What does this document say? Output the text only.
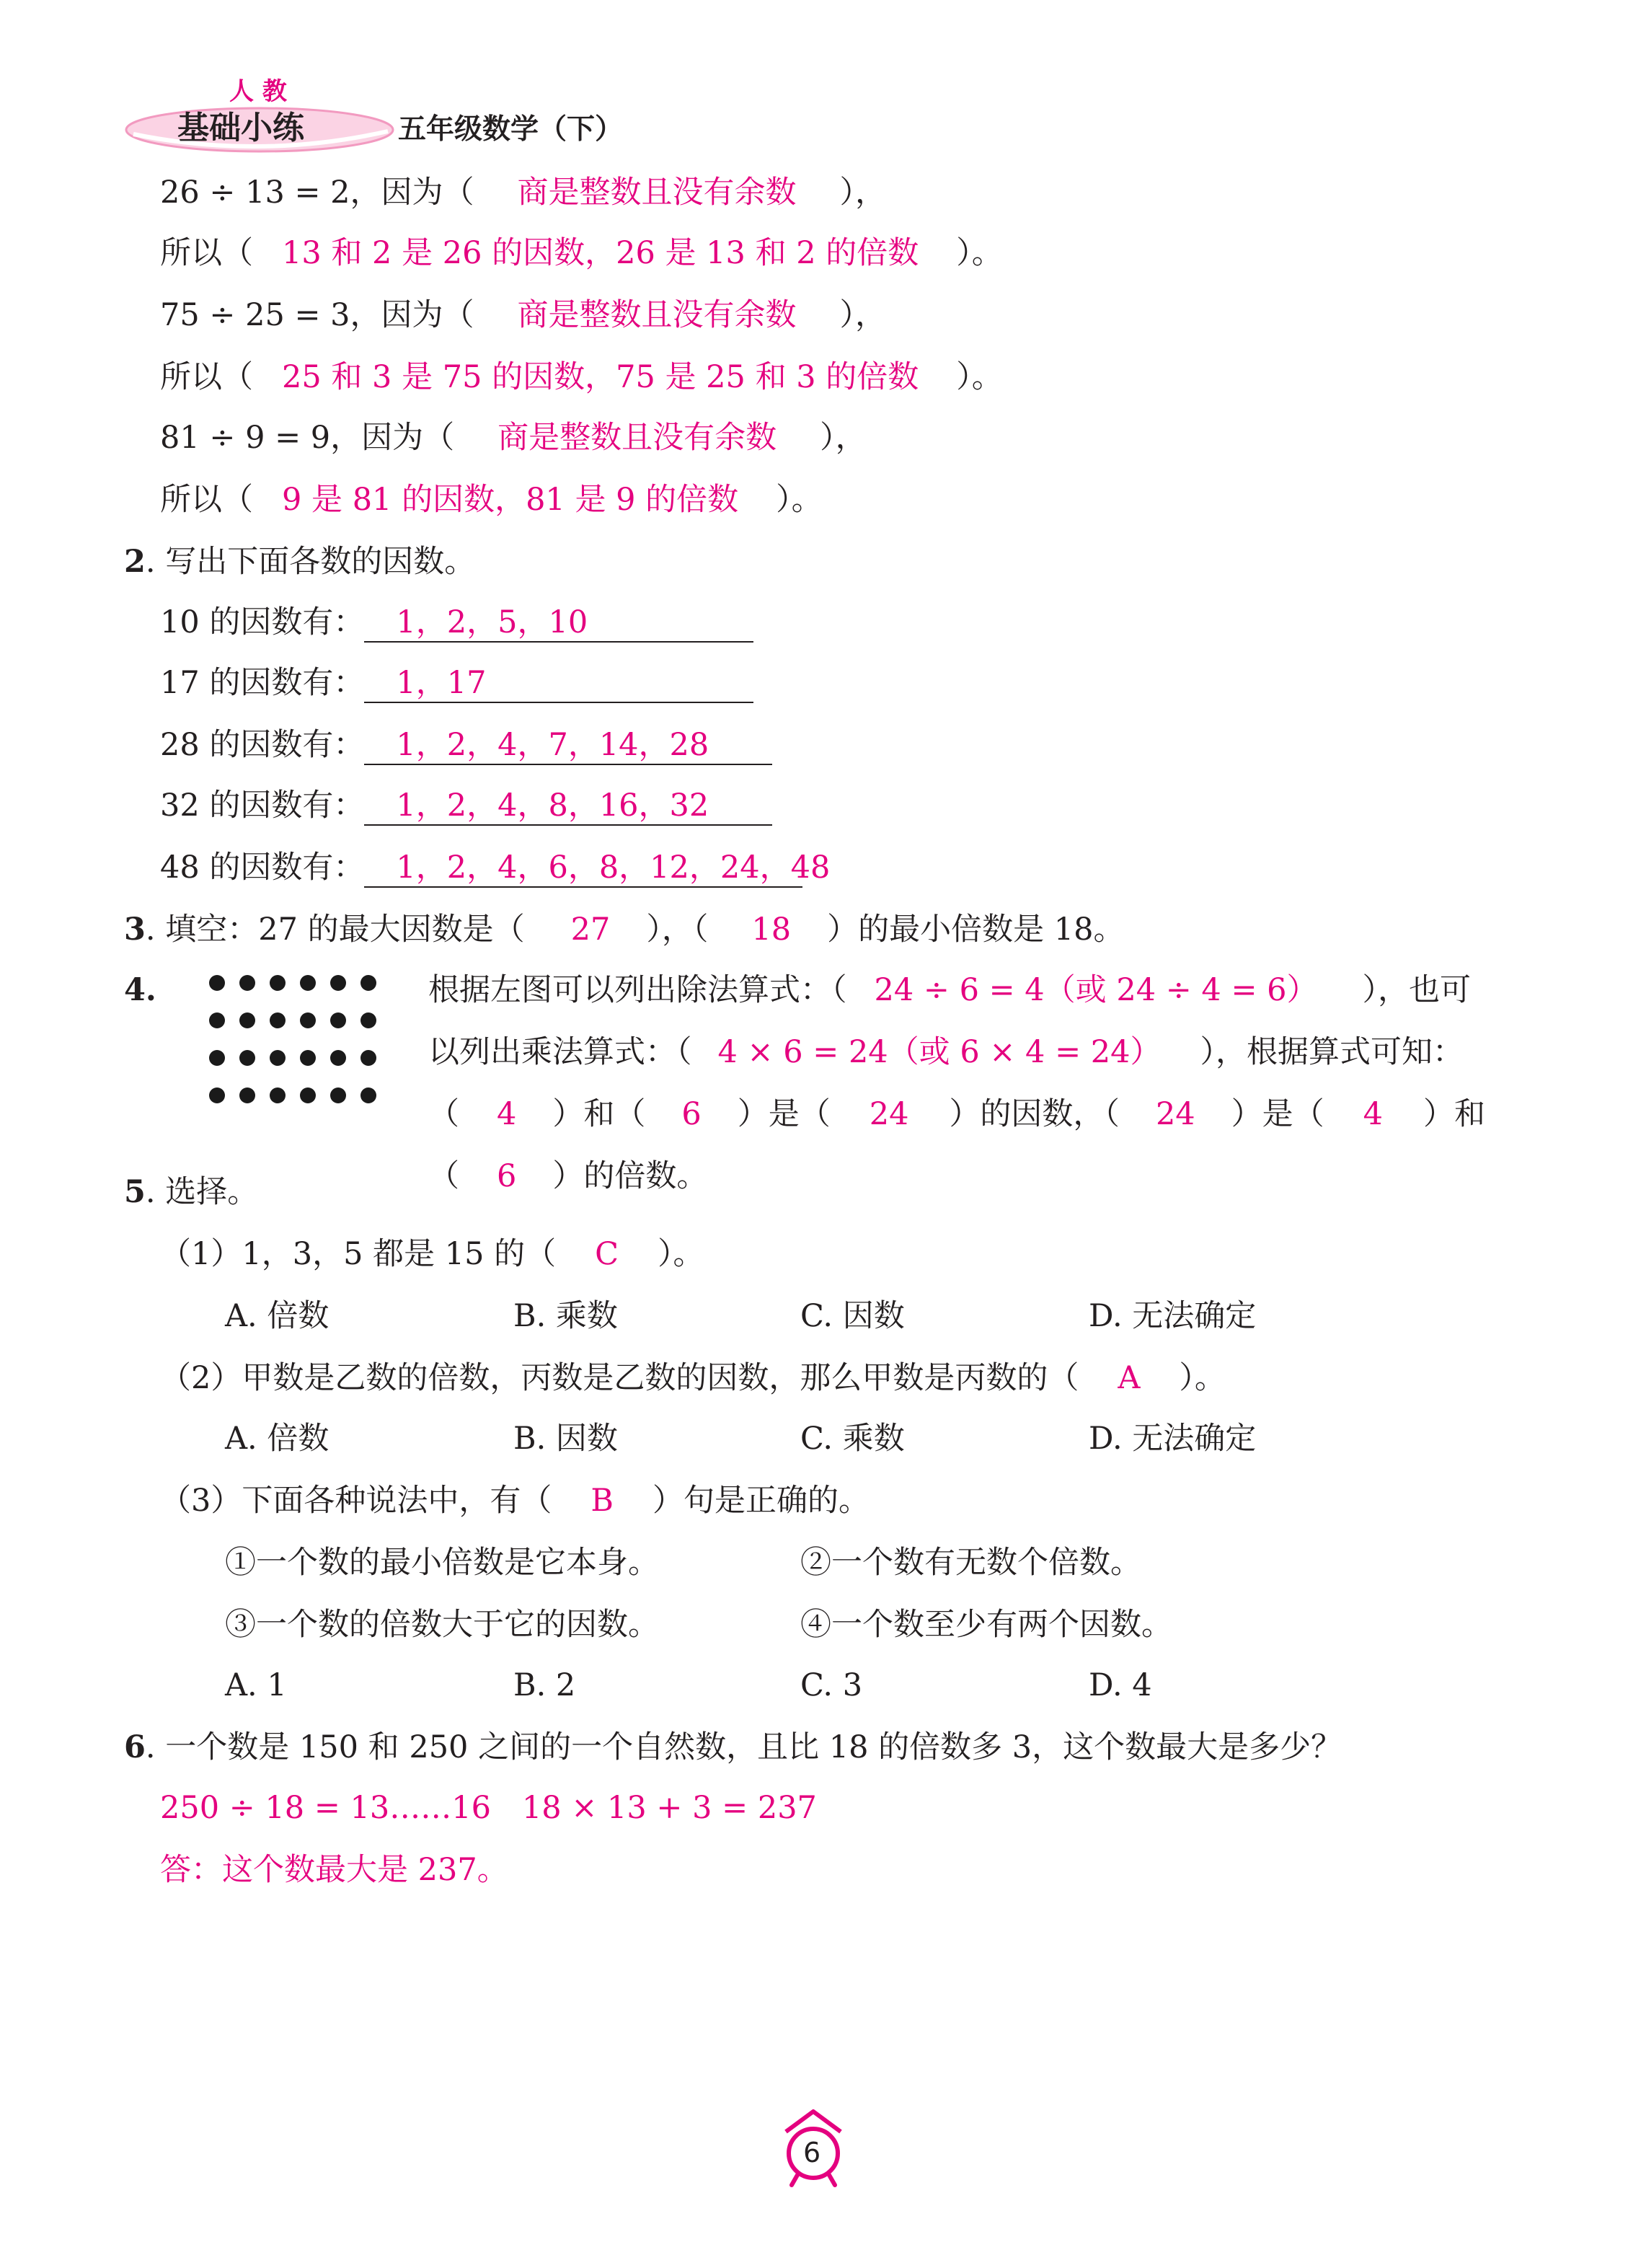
人 教
基础小练	五年级数学（下）
26 ÷ 13 = 2，因为（ 商是整数且没有余数 ），
所以（ 13 和 2 是 26 的因数，26 是 13 和 2 的倍数 ）。
75 ÷ 25 = 3，因为（ 商是整数且没有余数 ），
所以（ 25 和 3 是 75 的因数，75 是 25 和 3 的倍数 ）。
81 ÷ 9 = 9，因为（ 商是整数且没有余数 ），
所以（ 9 是 81 的因数，81 是 9 的倍数 ）。
2. 写出下面各数的因数。
10 的因数有： 1，2，5，10
17 的因数有： 1，17
28 的因数有： 1，2，4，7，14，28
32 的因数有： 1，2，4，8，16，32
48 的因数有： 1，2，4，6，8，12，24，48
3. 填空：27 的最大因数是（ 27 ），（ 18 ）的最小倍数是 18。
4.	根据左图可以列出除法算式：（ 24 ÷ 6 = 4（或 24 ÷ 4 = 6） ），也可
以列出乘法算式：（ 4 × 6 = 24（或 6 × 4 = 24） ），根据算式可知：
（ 4 ）和（ 6 ）是（ 24 ）的因数，（ 24 ）是（ 4 ）和
（ 6 ）的倍数。
5. 选择。
（1）1，3，5 都是 15 的（ C ）。
A. 倍数	B. 乘数	C. 因数	D. 无法确定
（2）甲数是乙数的倍数，丙数是乙数的因数，那么甲数是丙数的（ A ）。
A. 倍数	B. 因数	C. 乘数	D. 无法确定
（3）下面各种说法中，有（ B ）句是正确的。
①一个数的最小倍数是它本身。	②一个数有无数个倍数。
③一个数的倍数大于它的因数。	④一个数至少有两个因数。
A. 1	B. 2	C. 3	D. 4
6. 一个数是 150 和 250 之间的一个自然数，且比 18 的倍数多 3，这个数最大是多少？
250 ÷ 18 = 13……16　18 × 13 + 3 = 237
答：这个数最大是 237。
6
